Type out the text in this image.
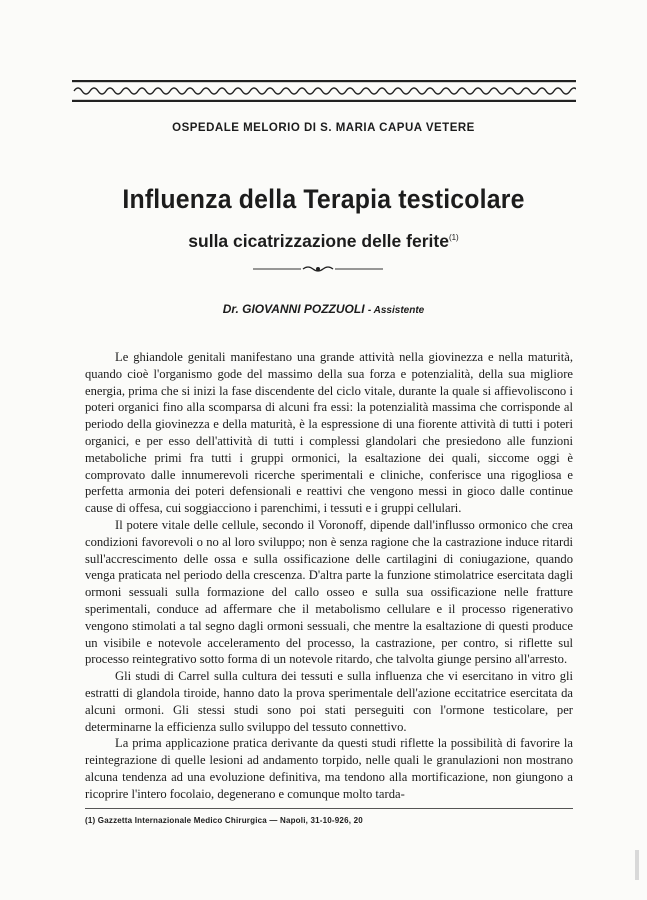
OSPEDALE MELORIO DI S. MARIA CAPUA VETERE
Influenza della Terapia testicolare
sulla cicatrizzazione delle ferite$^{(1)}$
Dr. GIOVANNI POZZUOLI - Assistente

Le ghiandole genitali manifestano una grande attività nella giovinezza e nella maturità, quando cioè l'organismo gode del massimo della sua forza e potenzialità, della sua migliore energia, prima che si inizi la fase discendente del ciclo vitale, durante la quale si affievoliscono i poteri organici fino alla scomparsa di alcuni fra essi: la potenzialità massima che corrisponde al periodo della giovinezza e della maturità, è la espressione di una fiorente attività di tutti i poteri organici, e per esso dell'attività di tutti i complessi glandolari che presiedono alle funzioni metaboliche primi fra tutti i gruppi ormonici, la esaltazione dei quali, siccome oggi è comprovato dalle innumerevoli ricerche sperimentali e cliniche, conferisce una rigogliosa e perfetta armonia dei poteri defensionali e reattivi che vengono messi in gioco dalle continue cause di offesa, cui soggiacciono i parenchimi, i tessuti e i gruppi cellulari.

Il potere vitale delle cellule, secondo il Voronoff, dipende dall'influsso ormonico che crea condizioni favorevoli o no al loro sviluppo; non è senza ragione che la castrazione induce ritardi sull'accrescimento delle ossa e sulla ossificazione delle cartilagini di coniugazione, quando venga praticata nel periodo della crescenza. D'altra parte la funzione stimolatrice esercitata dagli ormoni sessuali sulla formazione del callo osseo e sulla sua ossificazione nelle fratture sperimentali, conduce ad affermare che il metabolismo cellulare e il processo rigenerativo vengono stimolati a tal segno dagli ormoni sessuali, che mentre la esaltazione di questi produce un visibile e notevole acceleramento del processo, la castrazione, per contro, si riflette sul processo reintegrativo sotto forma di un notevole ritardo, che talvolta giunge persino all'arresto.

Gli studi di Carrel sulla cultura dei tessuti e sulla influenza che vi esercitano in vitro gli estratti di glandola tiroide, hanno dato la prova sperimentale dell'azione eccitatrice esercitata da alcuni ormoni. Gli stessi studi sono poi stati perseguiti con l'ormone testicolare, per determinarne la efficienza sullo sviluppo del tessuto connettivo.

La prima applicazione pratica derivante da questi studi riflette la possibilità di favorire la reintegrazione di quelle lesioni ad andamento torpido, nelle quali le granulazioni non mostrano alcuna tendenza ad una evoluzione definitiva, ma tendono alla mortificazione, non giungono a ricoprire l'intero focolaio, degenerano e comunque molto tarda-

(1) Gazzetta Internazionale Medico Chirurgica — Napoli, 31-10-926, 20
